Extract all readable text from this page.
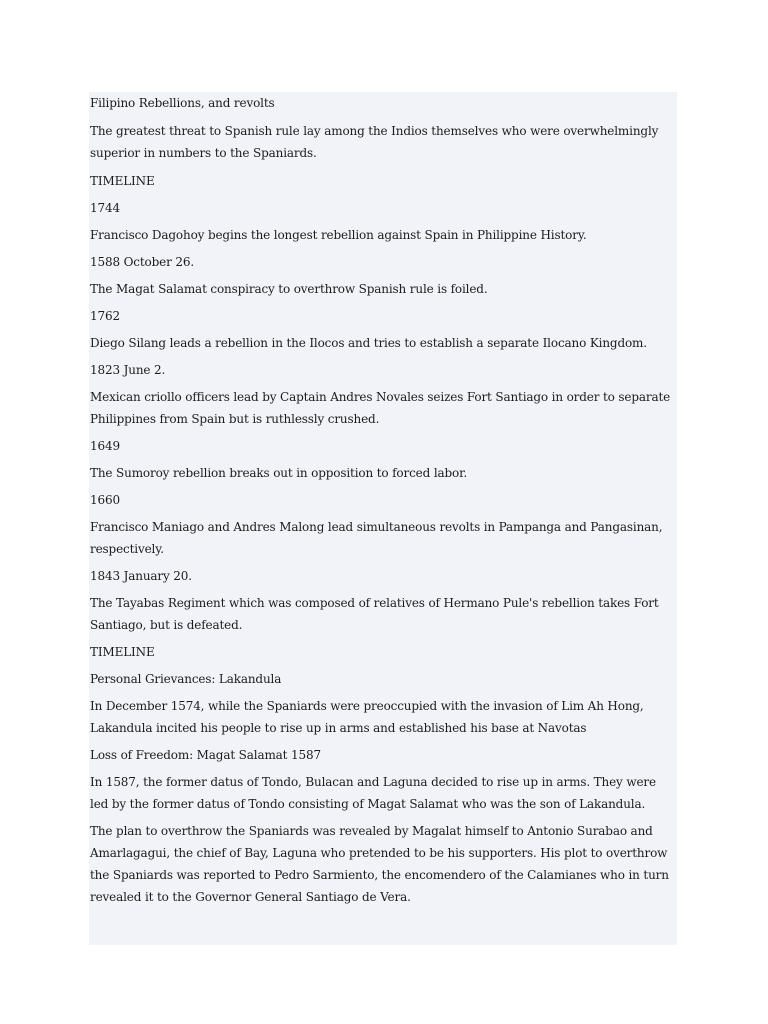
Filipino Rebellions, and revolts

The greatest threat to Spanish rule lay among the Indios themselves who were overwhelmingly superior in numbers to the Spaniards.

TIMELINE

1744

Francisco Dagohoy begins the longest rebellion against Spain in Philippine History.

1588 October 26.

The Magat Salamat conspiracy to overthrow Spanish rule is foiled.

1762

Diego Silang leads a rebellion in the Ilocos and tries to establish a separate Ilocano Kingdom.

1823 June 2.

Mexican criollo officers lead by Captain Andres Novales seizes Fort Santiago in order to separate Philippines from Spain but is ruthlessly crushed.

1649

The Sumoroy rebellion breaks out in opposition to forced labor.

1660

Francisco Maniago and Andres Malong lead simultaneous revolts in Pampanga and Pangasinan, respectively.

1843 January 20.

The Tayabas Regiment which was composed of relatives of Hermano Pule's rebellion takes Fort Santiago, but is defeated.

TIMELINE

Personal Grievances: Lakandula

In December 1574, while the Spaniards were preoccupied with the invasion of Lim Ah Hong, Lakandula incited his people to rise up in arms and established his base at Navotas

Loss of Freedom: Magat Salamat 1587

In 1587, the former datus of Tondo, Bulacan and Laguna decided to rise up in arms. They were led by the former datus of Tondo consisting of Magat Salamat who was the son of Lakandula.

The plan to overthrow the Spaniards was revealed by Magalat himself to Antonio Surabao and Amarlagagui, the chief of Bay, Laguna who pretended to be his supporters. His plot to overthrow the Spaniards was reported to Pedro Sarmiento, the encomendero of the Calamianes who in turn revealed it to the Governor General Santiago de Vera.
